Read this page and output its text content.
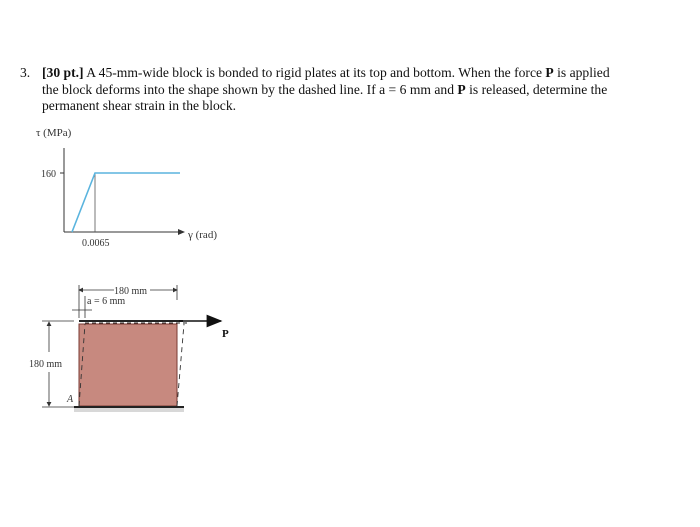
3. [30 pt.] A 45-mm-wide block is bonded to rigid plates at its top and bottom. When the force P is applied
the block deforms into the shape shown by the dashed line. If a = 6 mm and P is released, determine the
permanent shear strain in the block.
τ (MPa)
160
0.0065
γ (rad)
180 mm
a = 6 mm
P
180 mm
A
